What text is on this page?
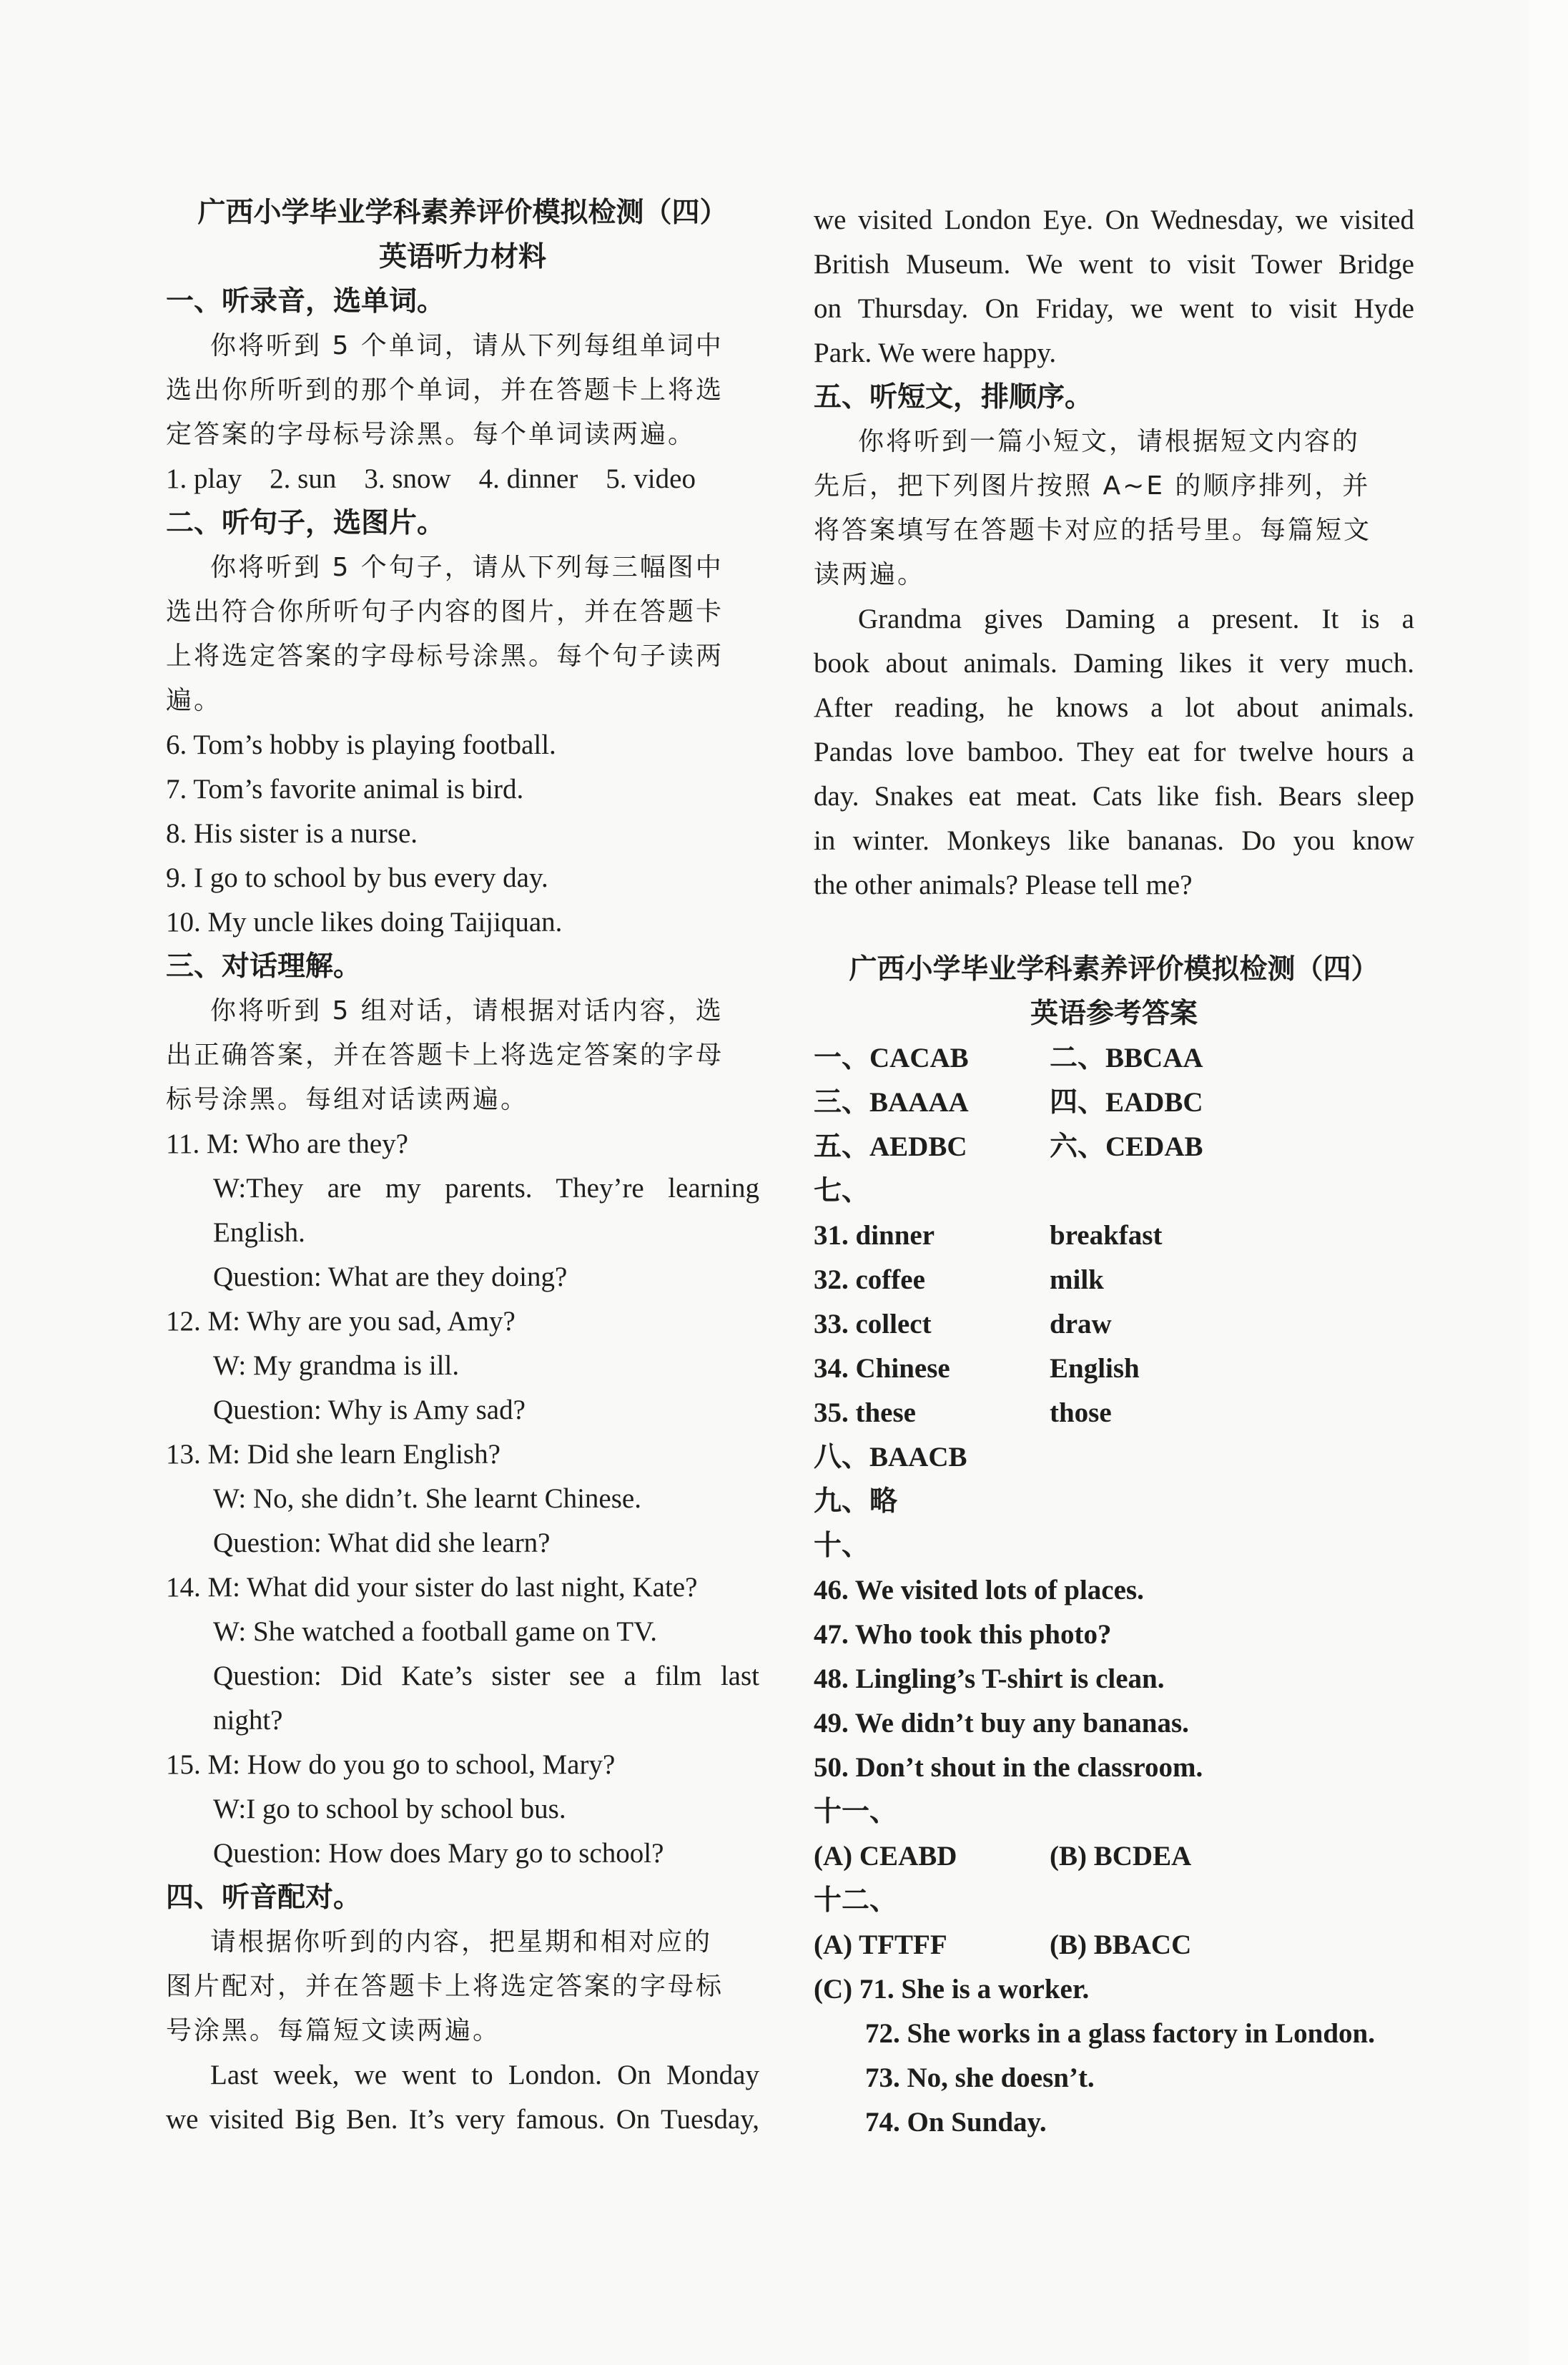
广西小学毕业学科素养评价模拟检测（四）
英语听力材料
一、听录音，选单词。
你将听到 5 个单词，请从下列每组单词中
选出你所听到的那个单词，并在答题卡上将选
定答案的字母标号涂黑。每个单词读两遍。
1. play    2. sun    3. snow    4. dinner    5. video
二、听句子，选图片。
你将听到 5 个句子，请从下列每三幅图中
选出符合你所听句子内容的图片，并在答题卡
上将选定答案的字母标号涂黑。每个句子读两
遍。
6. Tom’s hobby is playing football.
7. Tom’s favorite animal is bird.
8. His sister is a nurse.
9. I go to school by bus every day.
10. My uncle likes doing Taijiquan.
三、对话理解。
你将听到 5 组对话，请根据对话内容，选
出正确答案，并在答题卡上将选定答案的字母
标号涂黑。每组对话读两遍。
11. M: Who are they?
W:They are my parents. They’re learning
English.
Question: What are they doing?
12. M: Why are you sad, Amy?
W: My grandma is ill.
Question: Why is Amy sad?
13. M: Did she learn English?
W: No, she didn’t. She learnt Chinese.
Question: What did she learn?
14. M: What did your sister do last night, Kate?
W: She watched a football game on TV.
Question: Did Kate’s sister see a film last
night?
15. M: How do you go to school, Mary?
W:I go to school by school bus.
Question: How does Mary go to school?
四、听音配对。
请根据你听到的内容，把星期和相对应的
图片配对，并在答题卡上将选定答案的字母标
号涂黑。每篇短文读两遍。
Last week, we went to London. On Monday
we visited Big Ben. It’s very famous. On Tuesday,
we visited London Eye. On Wednesday, we visited
British Museum. We went to visit Tower Bridge
on Thursday. On Friday, we went to visit Hyde
Park. We were happy.
五、听短文，排顺序。
你将听到一篇小短文，请根据短文内容的
先后，把下列图片按照 A~E 的顺序排列，并
将答案填写在答题卡对应的括号里。每篇短文
读两遍。
Grandma gives Daming a present. It is a
book about animals. Daming likes it very much.
After reading, he knows a lot about animals.
Pandas love bamboo. They eat for twelve hours a
day. Snakes eat meat. Cats like fish. Bears sleep
in winter. Monkeys like bananas. Do you know
the other animals? Please tell me?
广西小学毕业学科素养评价模拟检测（四）
英语参考答案
一、CACAB	二、BBCAA
三、BAAAA	四、EADBC
五、AEDBC	六、CEDAB
七、
31. dinner	breakfast
32. coffee	milk
33. collect	draw
34. Chinese	English
35. these	those
八、BAACB
九、略
十、
46. We visited lots of places.
47. Who took this photo?
48. Lingling’s T-shirt is clean.
49. We didn’t buy any bananas.
50. Don’t shout in the classroom.
十一、
(A) CEABD	(B) BCDEA
十二、
(A) TFTFF	(B) BBACC
(C) 71. She is a worker.
72. She works in a glass factory in London.
73. No, she doesn’t.
74. On Sunday.
